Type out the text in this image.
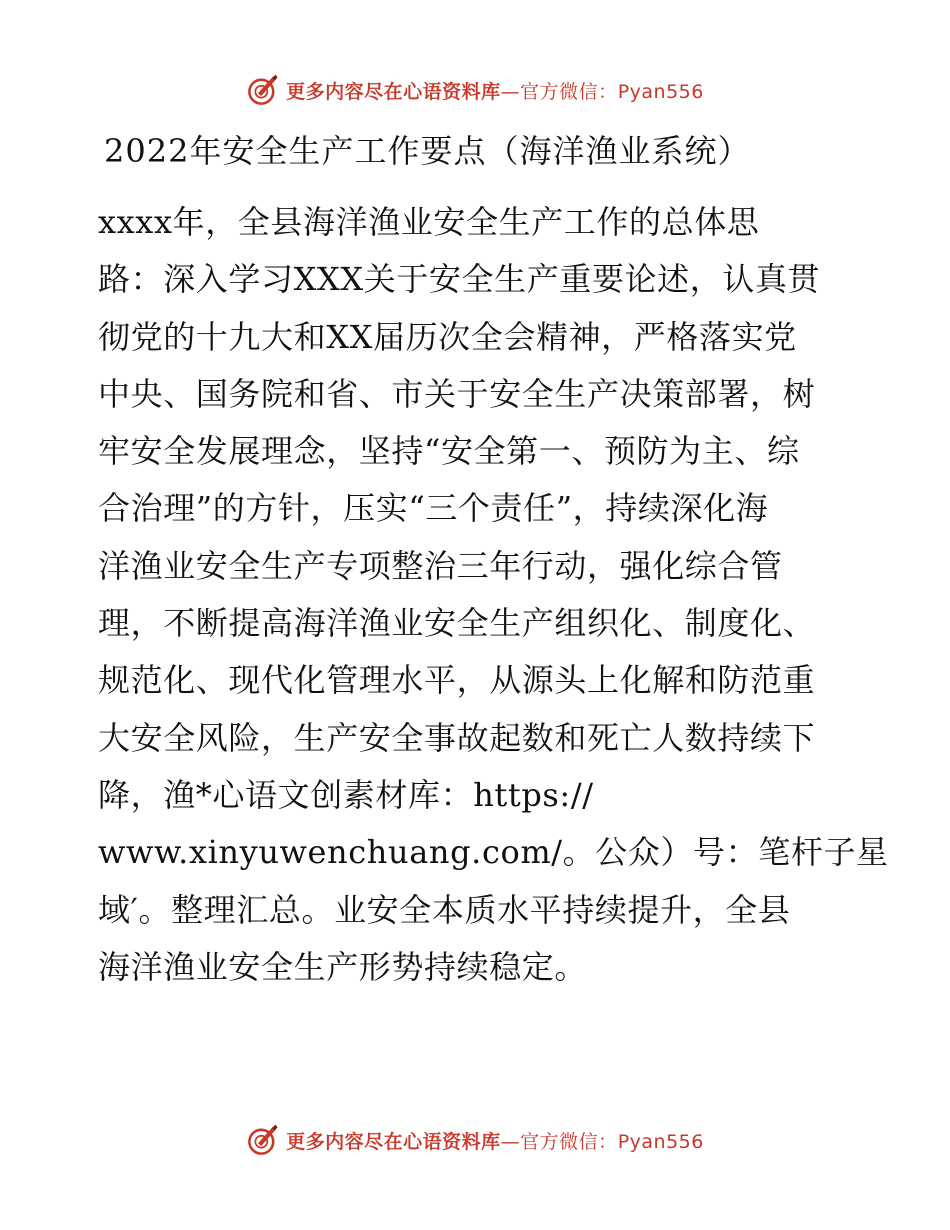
更多内容尽在心语资料库—官方微信：Pyan556
2022年安全生产工作要点（海洋渔业系统）
xxxx年，全县海洋渔业安全生产工作的总体思
路：深入学习XXX关于安全生产重要论述，认真贯
彻党的十九大和XX届历次全会精神，严格落实党
中央、国务院和省、市关于安全生产决策部署，树
牢安全发展理念，坚持“安全第一、预防为主、综
合治理”的方针，压实“三个责任”，持续深化海
洋渔业安全生产专项整治三年行动，强化综合管
理，不断提高海洋渔业安全生产组织化、制度化、
规范化、现代化管理水平，从源头上化解和防范重
大安全风险，生产安全事故起数和死亡人数持续下
降，渔*心语文创素材库：https://
www.xinyuwenchuang.com/。公众）号：笔杆子星
域′。整理汇总。业安全本质水平持续提升，全县
海洋渔业安全生产形势持续稳定。
更多内容尽在心语资料库—官方微信：Pyan556
